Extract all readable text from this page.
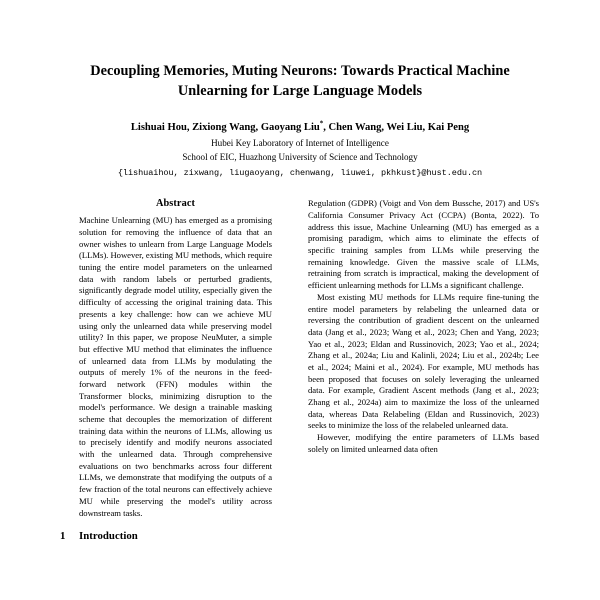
Decoupling Memories, Muting Neurons: Towards Practical Machine Unlearning for Large Language Models
Lishuai Hou, Zixiong Wang, Gaoyang Liu*, Chen Wang, Wei Liu, Kai Peng
Hubei Key Laboratory of Internet of Intelligence
School of EIC, Huazhong University of Science and Technology
{lishuaihou, zixwang, liugaoyang, chenwang, liuwei, pkhkust}@hust.edu.cn
Abstract

Machine Unlearning (MU) has emerged as a promising solution for removing the influence of data that an owner wishes to unlearn from Large Language Models (LLMs). However, existing MU methods, which require tuning the entire model parameters on the unlearned data with random labels or perturbed gradients, significantly degrade model utility, especially given the difficulty of accessing the original training data. This presents a key challenge: how can we achieve MU using only the unlearned data while preserving model utility? In this paper, we propose NeuMuter, a simple but effective MU method that eliminates the influence of unlearned data from LLMs by modulating the outputs of merely 1% of the neurons in the feed-forward network (FFN) modules within the Transformer blocks, minimizing disruption to the model's performance. We design a trainable masking scheme that decouples the memorization of different training data within the neurons of LLMs, allowing us to precisely identify and modify neurons associated with the unlearned data. Through comprehensive evaluations on two benchmarks across four different LLMs, we demonstrate that modifying the outputs of a few fraction of the total neurons can effectively achieve MU while preserving the model's utility across downstream tasks.

1	Introduction

Regulation (GDPR) (Voigt and Von dem Bussche, 2017) and US's California Consumer Privacy Act (CCPA) (Bonta, 2022). To address this issue, Machine Unlearning (MU) has emerged as a promising paradigm, which aims to eliminate the effects of specific training samples from LLMs while preserving the remaining knowledge. Given the massive scale of LLMs, retraining from scratch is impractical, making the development of efficient unlearning methods for LLMs a significant challenge.

Most existing MU methods for LLMs require fine-tuning the entire model parameters by relabeling the unlearned data or reversing the contribution of gradient descent on the unlearned data (Jang et al., 2023; Wang et al., 2023; Chen and Yang, 2023; Yao et al., 2023; Eldan and Russinovich, 2023; Yao et al., 2024; Zhang et al., 2024a; Liu and Kalinli, 2024; Liu et al., 2024b; Lee et al., 2024; Maini et al., 2024). For example, MU methods has been proposed that focuses on solely leveraging the unlearned data. For example, Gradient Ascent methods (Jang et al., 2023; Zhang et al., 2024a) aim to maximize the loss of the unlearned data, whereas Data Relabeling (Eldan and Russinovich, 2023) seeks to minimize the loss of the relabeled unlearned data.

However, modifying the entire parameters of LLMs based solely on limited unlearned data often
